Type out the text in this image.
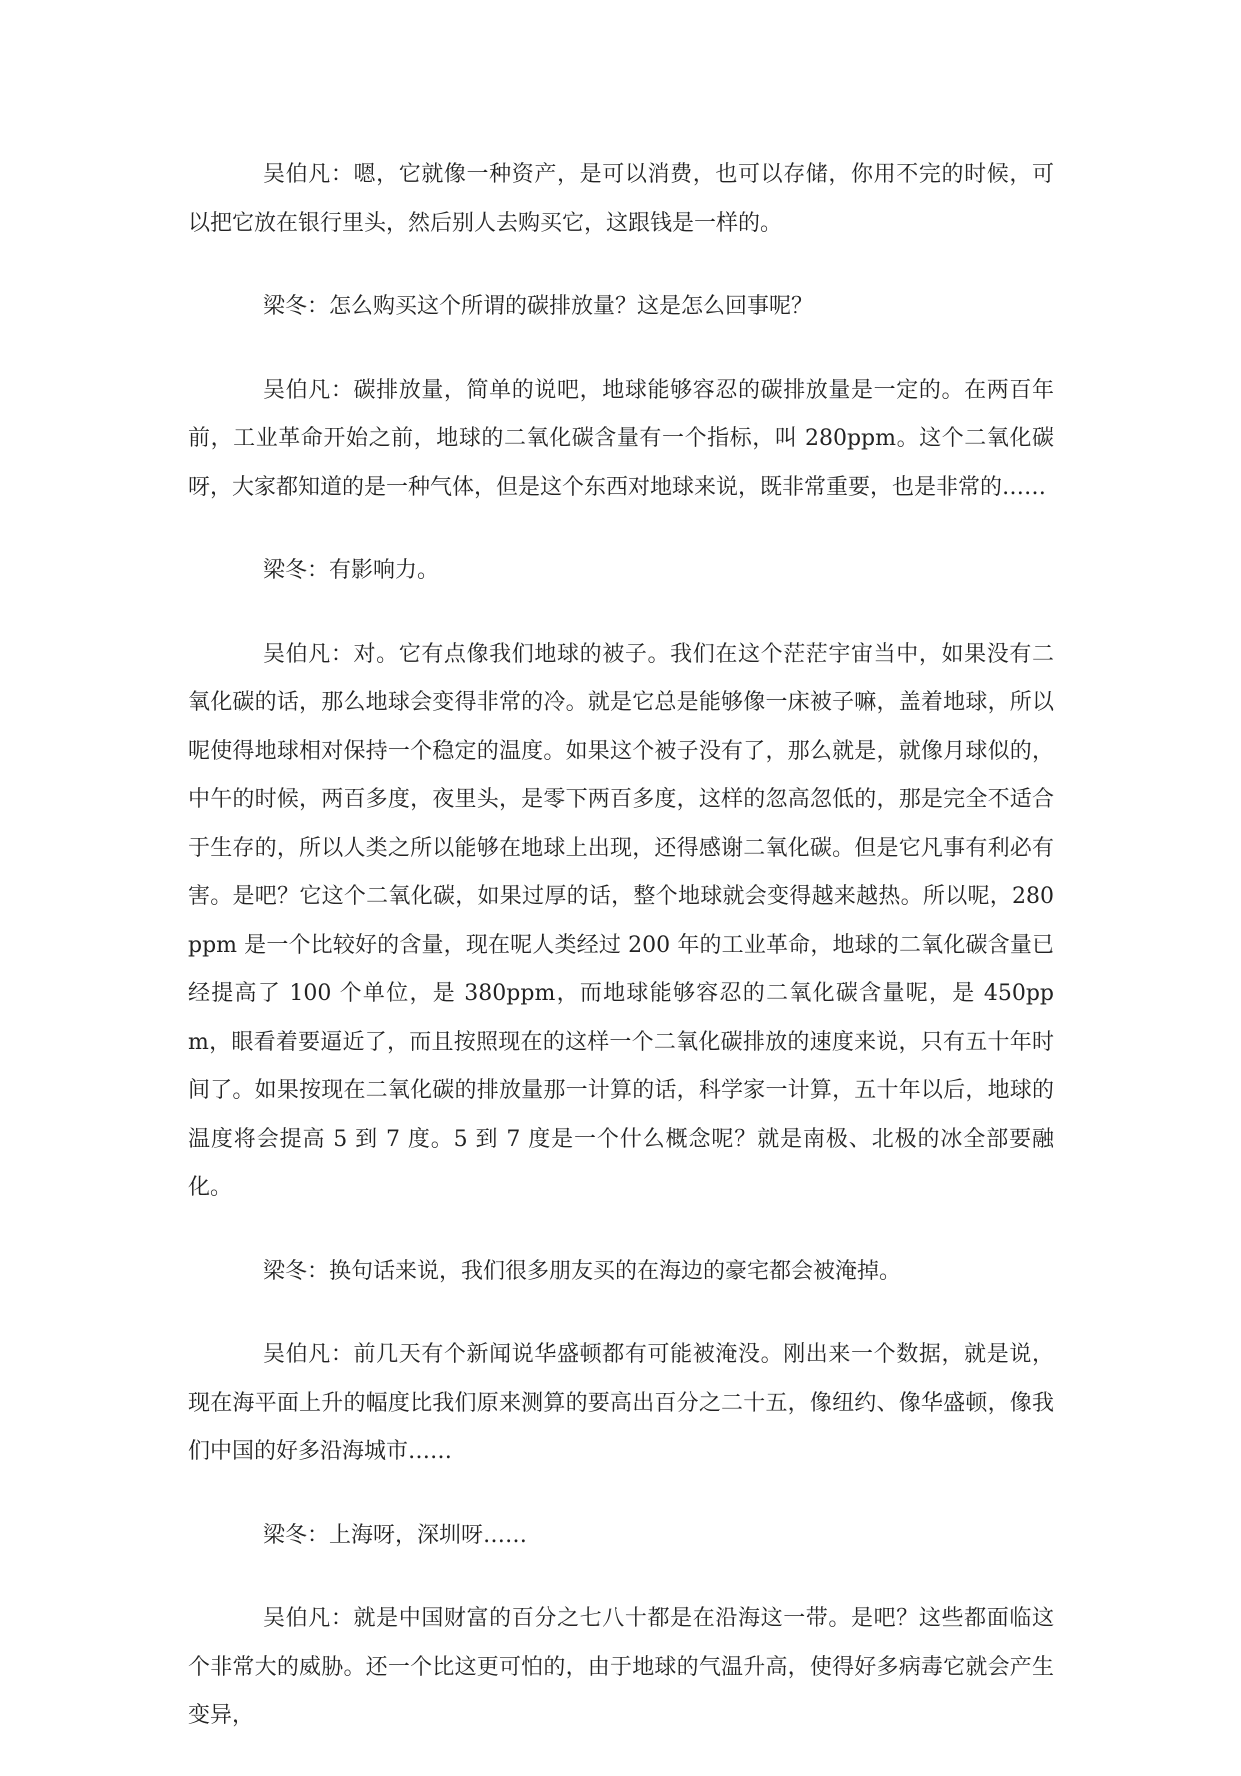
吴伯凡：嗯，它就像一种资产，是可以消费，也可以存储，你用不完的时候，可以把它放在银行里头，然后别人去购买它，这跟钱是一样的。

梁冬：怎么购买这个所谓的碳排放量？这是怎么回事呢？

吴伯凡：碳排放量，简单的说吧，地球能够容忍的碳排放量是一定的。在两百年前，工业革命开始之前，地球的二氧化碳含量有一个指标，叫 280ppm。这个二氧化碳呀，大家都知道的是一种气体，但是这个东西对地球来说，既非常重要，也是非常的……

梁冬：有影响力。

吴伯凡：对。它有点像我们地球的被子。我们在这个茫茫宇宙当中，如果没有二氧化碳的话，那么地球会变得非常的冷。就是它总是能够像一床被子嘛，盖着地球，所以呢使得地球相对保持一个稳定的温度。如果这个被子没有了，那么就是，就像月球似的，中午的时候，两百多度，夜里头，是零下两百多度，这样的忽高忽低的，那是完全不适合于生存的，所以人类之所以能够在地球上出现，还得感谢二氧化碳。但是它凡事有利必有害。是吧？它这个二氧化碳，如果过厚的话，整个地球就会变得越来越热。所以呢，280ppm 是一个比较好的含量，现在呢人类经过 200 年的工业革命，地球的二氧化碳含量已经提高了 100 个单位，是 380ppm，而地球能够容忍的二氧化碳含量呢，是 450ppm，眼看着要逼近了，而且按照现在的这样一个二氧化碳排放的速度来说，只有五十年时间了。如果按现在二氧化碳的排放量那一计算的话，科学家一计算，五十年以后，地球的温度将会提高 5 到 7 度。5 到 7 度是一个什么概念呢？就是南极、北极的冰全部要融化。

梁冬：换句话来说，我们很多朋友买的在海边的豪宅都会被淹掉。

吴伯凡：前几天有个新闻说华盛顿都有可能被淹没。刚出来一个数据，就是说，现在海平面上升的幅度比我们原来测算的要高出百分之二十五，像纽约、像华盛顿，像我们中国的好多沿海城市……

梁冬：上海呀，深圳呀……

吴伯凡：就是中国财富的百分之七八十都是在沿海这一带。是吧？这些都面临这个非常大的威胁。还一个比这更可怕的，由于地球的气温升高，使得好多病毒它就会产生变异，
